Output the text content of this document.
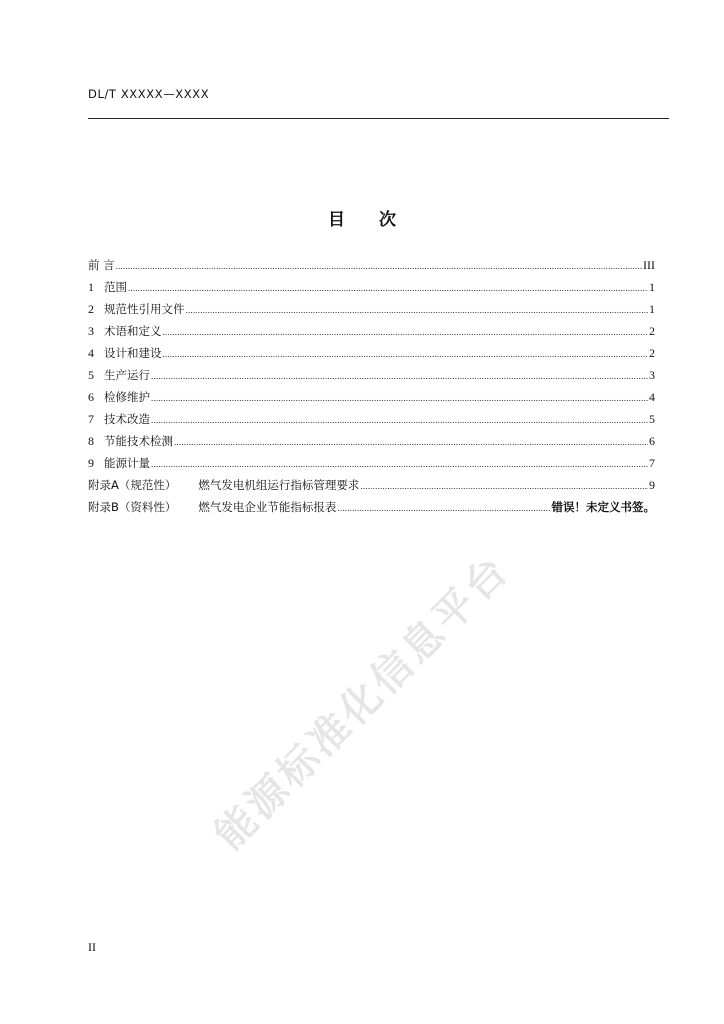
DL/T XXXXX—XXXX
目 次
前 言 .....	III
1 范围 .....	1
2 规范性引用文件 .....	1
3 术语和定义 .....	2
4 设计和建设 .....	2
5 生产运行 .....	3
6 检修维护 .....	4
7 技术改造 .....	5
8 节能技术检测 .....	6
9 能源计量 .....	7
附录A（规范性） 燃气发电机组运行指标管理要求 .....	9
附录B（资料性） 燃气发电企业节能指标报表 .....	错误！未定义书签。
能源标准化信息平台
II
